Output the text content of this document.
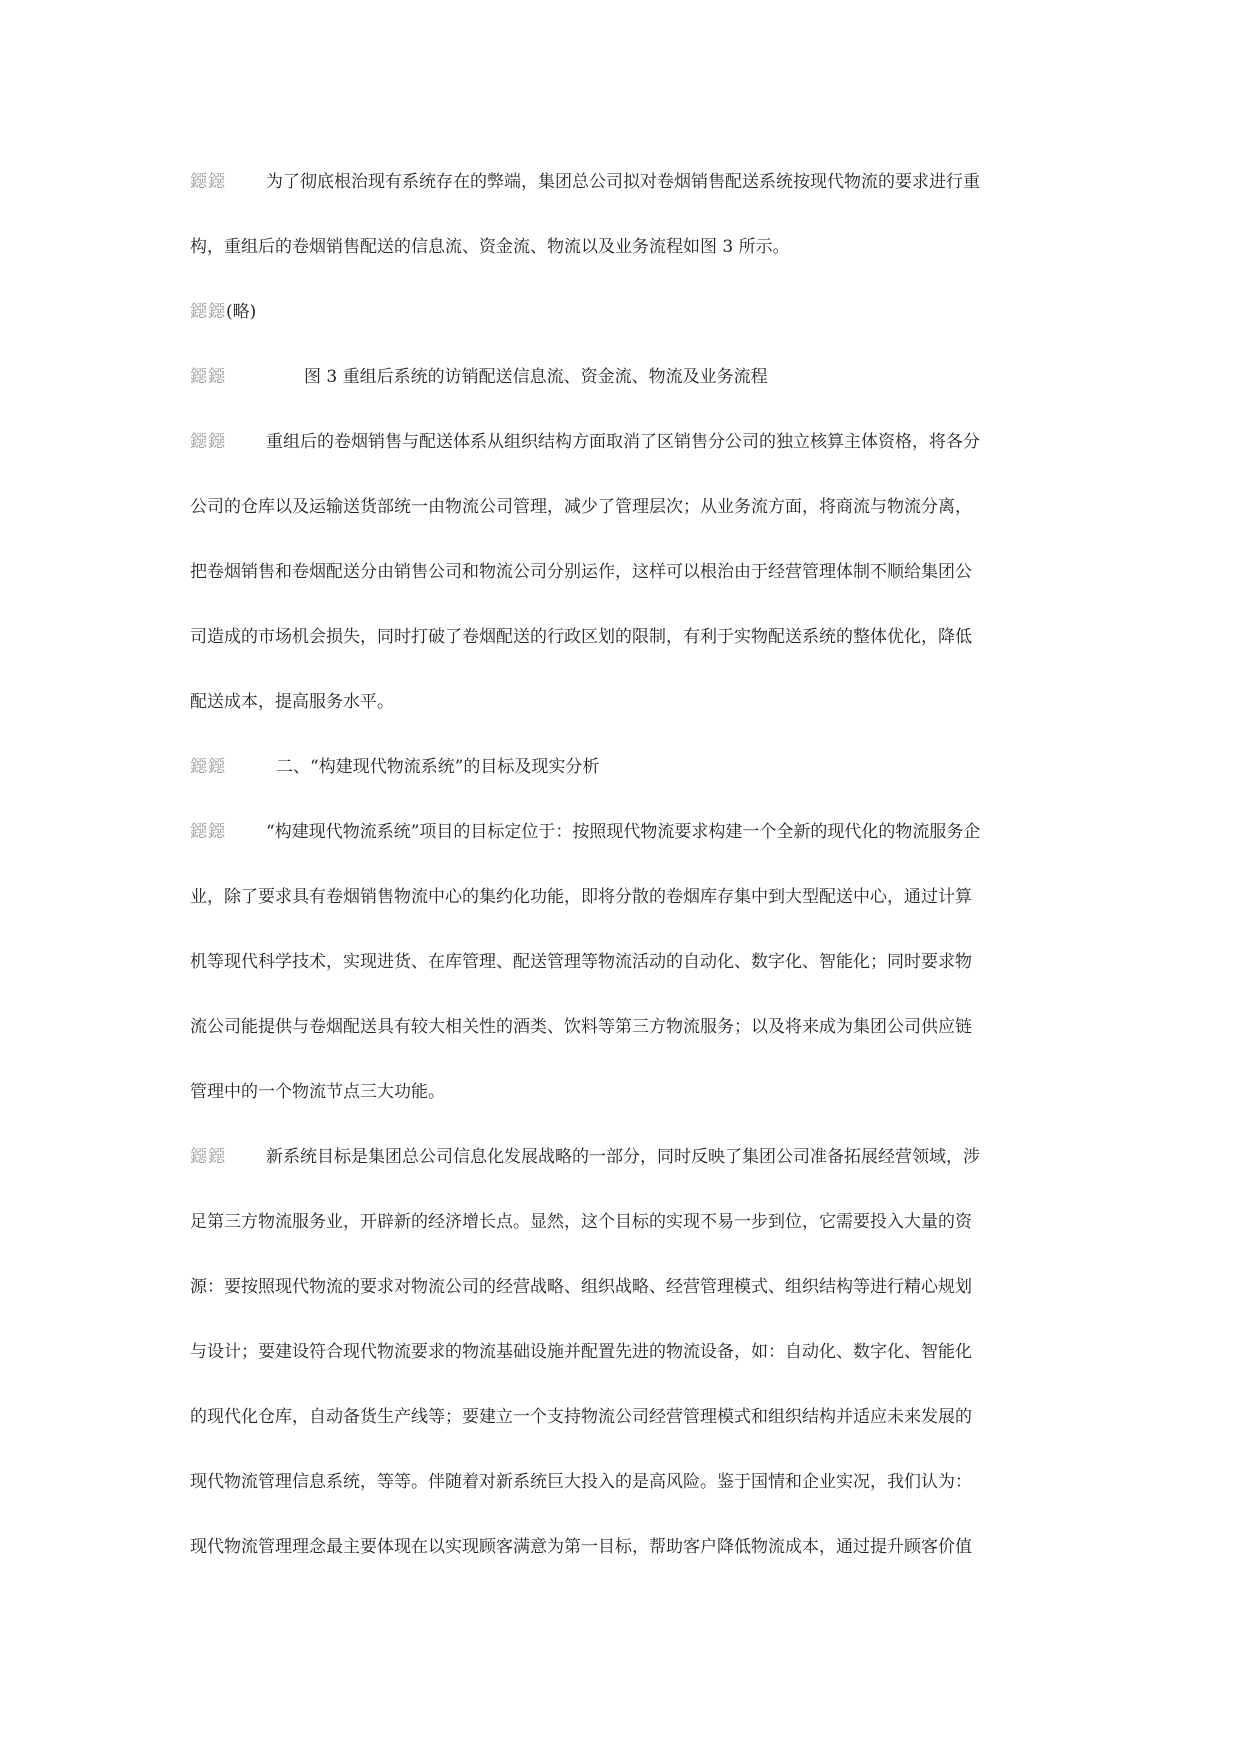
鐚鐚 为了彻底根治现有系统存在的弊端，集团总公司拟对卷烟销售配送系统按现代物流的要求进行重

构，重组后的卷烟销售配送的信息流、资金流、物流以及业务流程如图 3 所示。

鐚鐚(略)

鐚鐚	图 3 重组后系统的访销配送信息流、资金流、物流及业务流程

鐚鐚 重组后的卷烟销售与配送体系从组织结构方面取消了区销售分公司的独立核算主体资格，将各分

公司的仓库以及运输送货部统一由物流公司管理，减少了管理层次；从业务流方面，将商流与物流分离，

把卷烟销售和卷烟配送分由销售公司和物流公司分别运作，这样可以根治由于经营管理体制不顺给集团公

司造成的市场机会损失，同时打破了卷烟配送的行政区划的限制，有利于实物配送系统的整体优化，降低

配送成本，提高服务水平。

鐚鐚	二、“构建现代物流系统”的目标及现实分析

鐚鐚 “构建现代物流系统”项目的目标定位于：按照现代物流要求构建一个全新的现代化的物流服务企

业，除了要求具有卷烟销售物流中心的集约化功能，即将分散的卷烟库存集中到大型配送中心，通过计算

机等现代科学技术，实现进货、在库管理、配送管理等物流活动的自动化、数字化、智能化；同时要求物

流公司能提供与卷烟配送具有较大相关性的酒类、饮料等第三方物流服务；以及将来成为集团公司供应链

管理中的一个物流节点三大功能。

鐚鐚 新系统目标是集团总公司信息化发展战略的一部分，同时反映了集团公司准备拓展经营领域，涉

足第三方物流服务业，开辟新的经济增长点。显然，这个目标的实现不易一步到位，它需要投入大量的资

源：要按照现代物流的要求对物流公司的经营战略、组织战略、经营管理模式、组织结构等进行精心规划

与设计；要建设符合现代物流要求的物流基础设施并配置先进的物流设备，如：自动化、数字化、智能化

的现代化仓库，自动备货生产线等；要建立一个支持物流公司经营管理模式和组织结构并适应未来发展的

现代物流管理信息系统，等等。伴随着对新系统巨大投入的是高风险。鉴于国情和企业实况，我们认为：

现代物流管理理念最主要体现在以实现顾客满意为第一目标，帮助客户降低物流成本，通过提升顾客价值
